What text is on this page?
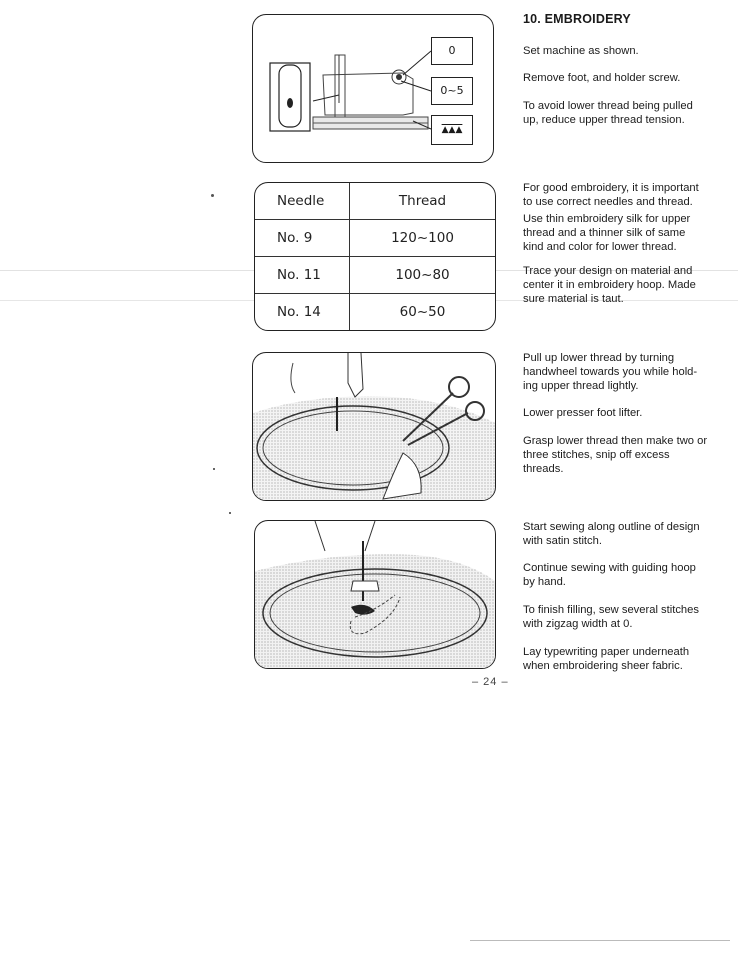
0
0~5
▲▲▲
Needle	Thread
No. 9	120~100
No. 11	100~80
No. 14	60~50
10. EMBROIDERY
Set machine as shown.
Remove foot, and holder screw.
To avoid lower thread being pulled up, reduce upper thread tension.
For good embroidery, it is important to use correct needles and thread.
Use thin embroidery silk for upper thread and a thinner silk of same kind and color for lower thread.
Trace your design on material and center it in embroidery hoop. Made sure material is taut.
Pull up lower thread by turning handwheel towards you while hold-ing upper thread lightly.
Lower presser foot lifter.
Grasp lower thread then make two or three stitches, snip off excess threads.
Start sewing along outline of design with satin stitch.
Continue sewing with guiding hoop by hand.
To finish filling, sew several stitches with zigzag width at 0.
Lay typewriting paper underneath when embroidering sheer fabric.
– 24 –
